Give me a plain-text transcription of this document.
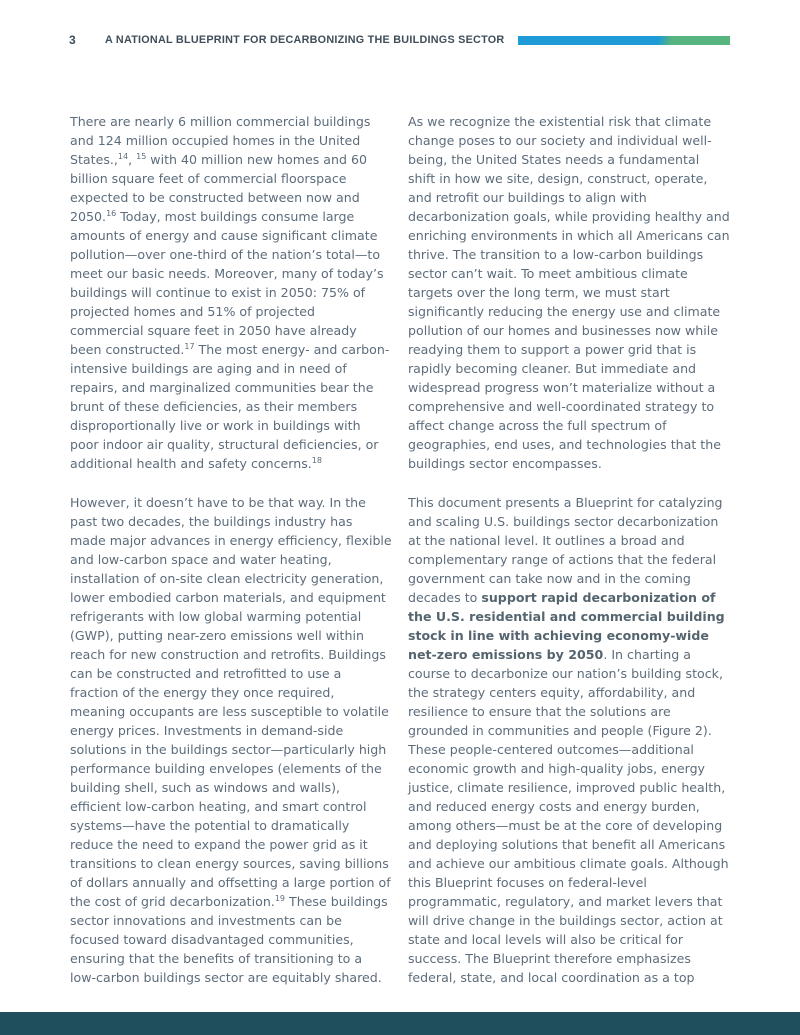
3	A NATIONAL BLUEPRINT FOR DECARBONIZING THE BUILDINGS SECTOR

There are nearly 6 million commercial buildings and 124 million occupied homes in the United States.,$^{14}$, $^{15}$ with 40 million new homes and 60 billion square feet of commercial floorspace expected to be constructed between now and 2050.16 Today, most buildings consume large amounts of energy and cause significant climate pollution—over one-third of the nation’s total—to meet our basic needs. Moreover, many of today’s buildings will continue to exist in 2050: 75% of projected homes and 51% of projected commercial square feet in 2050 have already been constructed.$^{17}$ The most energy- and carbon-intensive buildings are aging and in need of repairs, and marginalized communities bear the brunt of these deficiencies, as their members disproportionally live or work in buildings with poor indoor air quality, structural deficiencies, or additional health and safety concerns.$^{18}$

However, it doesn’t have to be that way. In the past two decades, the buildings industry has made major advances in energy efficiency, flexible and low-carbon space and water heating, installation of on-site clean electricity generation, lower embodied carbon materials, and equipment refrigerants with low global warming potential (GWP), putting near-zero emissions well within reach for new construction and retrofits. Buildings can be constructed and retrofitted to use a fraction of the energy they once required, meaning occupants are less susceptible to volatile energy prices. Investments in demand-side solutions in the buildings sector—particularly high performance building envelopes (elements of the building shell, such as windows and walls), efficient low-carbon heating, and smart control systems—have the potential to dramatically reduce the need to expand the power grid as it transitions to clean energy sources, saving billions of dollars annually and offsetting a large portion of the cost of grid decarbonization.$^{19}$ These buildings sector innovations and investments can be focused toward disadvantaged communities, ensuring that the benefits of transitioning to a low-carbon buildings sector are equitably shared.

As we recognize the existential risk that climate change poses to our society and individual well-being, the United States needs a fundamental shift in how we site, design, construct, operate, and retrofit our buildings to align with decarbonization goals, while providing healthy and enriching environments in which all Americans can thrive. The transition to a low-carbon buildings sector can’t wait. To meet ambitious climate targets over the long term, we must start significantly reducing the energy use and climate pollution of our homes and businesses now while readying them to support a power grid that is rapidly becoming cleaner. But immediate and widespread progress won’t materialize without a comprehensive and well-coordinated strategy to affect change across the full spectrum of geographies, end uses, and technologies that the buildings sector encompasses.

This document presents a Blueprint for catalyzing and scaling U.S. buildings sector decarbonization at the national level. It outlines a broad and complementary range of actions that the federal government can take now and in the coming decades to support rapid decarbonization of the U.S. residential and commercial building stock in line with achieving economy-wide net-zero emissions by 2050. In charting a course to decarbonize our nation’s building stock, the strategy centers equity, affordability, and resilience to ensure that the solutions are grounded in communities and people (Figure 2). These people-centered outcomes—additional economic growth and high-quality jobs, energy justice, climate resilience, improved public health, and reduced energy costs and energy burden, among others—must be at the core of developing and deploying solutions that benefit all Americans and achieve our ambitious climate goals. Although this Blueprint focuses on federal-level programmatic, regulatory, and market levers that will drive change in the buildings sector, action at state and local levels will also be critical for success. The Blueprint therefore emphasizes federal, state, and local coordination as a top
